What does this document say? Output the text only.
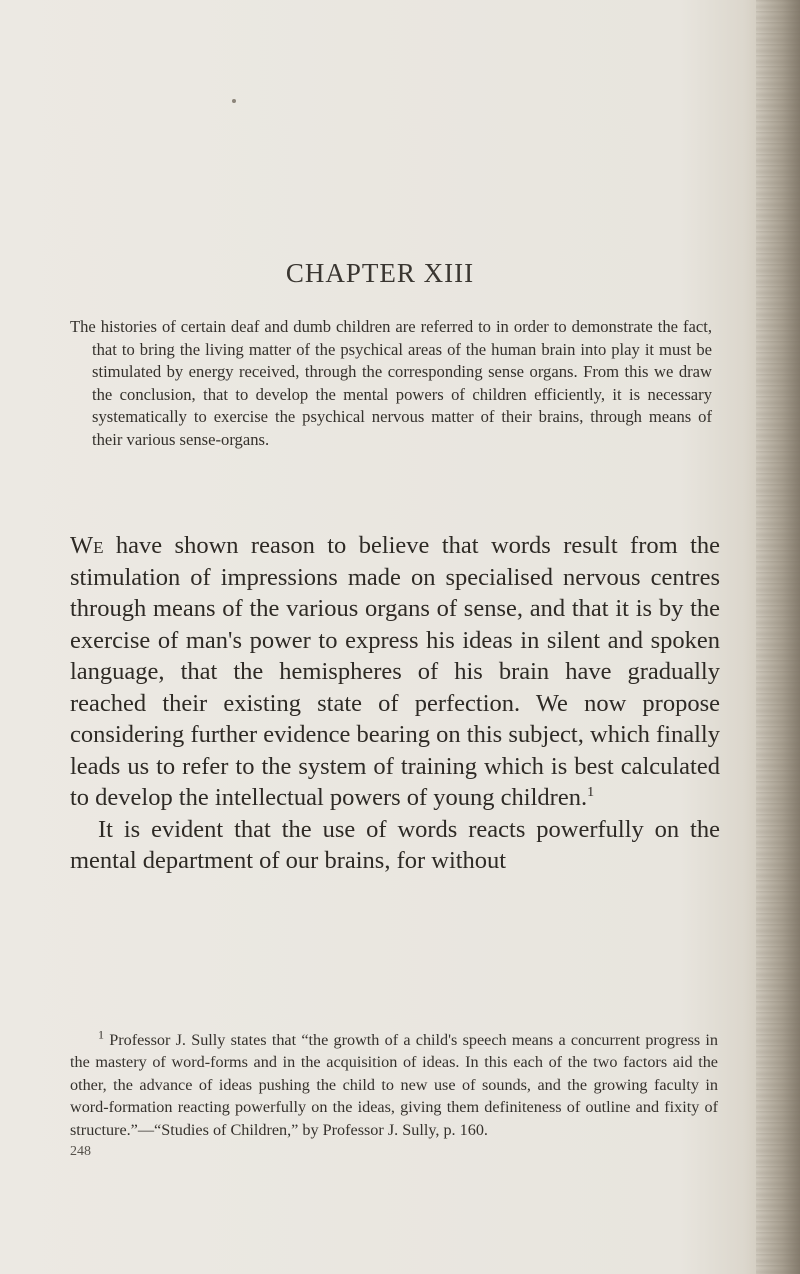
CHAPTER XIII

The histories of certain deaf and dumb children are referred to in order to demonstrate the fact, that to bring the living matter of the psychical areas of the human brain into play it must be stimulated by energy received, through the corresponding sense organs. From this we draw the conclusion, that to develop the mental powers of children efficiently, it is necessary systematically to exercise the psychical nervous matter of their brains, through means of their various sense-organs.

We have shown reason to believe that words result from the stimulation of impressions made on specialised nervous centres through means of the various organs of sense, and that it is by the exercise of man's power to express his ideas in silent and spoken language, that the hemispheres of his brain have gradually reached their existing state of perfection. We now propose considering further evidence bearing on this subject, which finally leads us to refer to the system of training which is best calculated to develop the intellectual powers of young children.$^1$

It is evident that the use of words reacts powerfully on the mental department of our brains, for without

$^1$ Professor J. Sully states that “the growth of a child's speech means a concurrent progress in the mastery of word-forms and in the acquisition of ideas. In this each of the two factors aid the other, the advance of ideas pushing the child to new use of sounds, and the growing faculty in word-formation reacting powerfully on the ideas, giving them definiteness of outline and fixity of structure.”—“Studies of Children,” by Professor J. Sully, p. 160.

248
